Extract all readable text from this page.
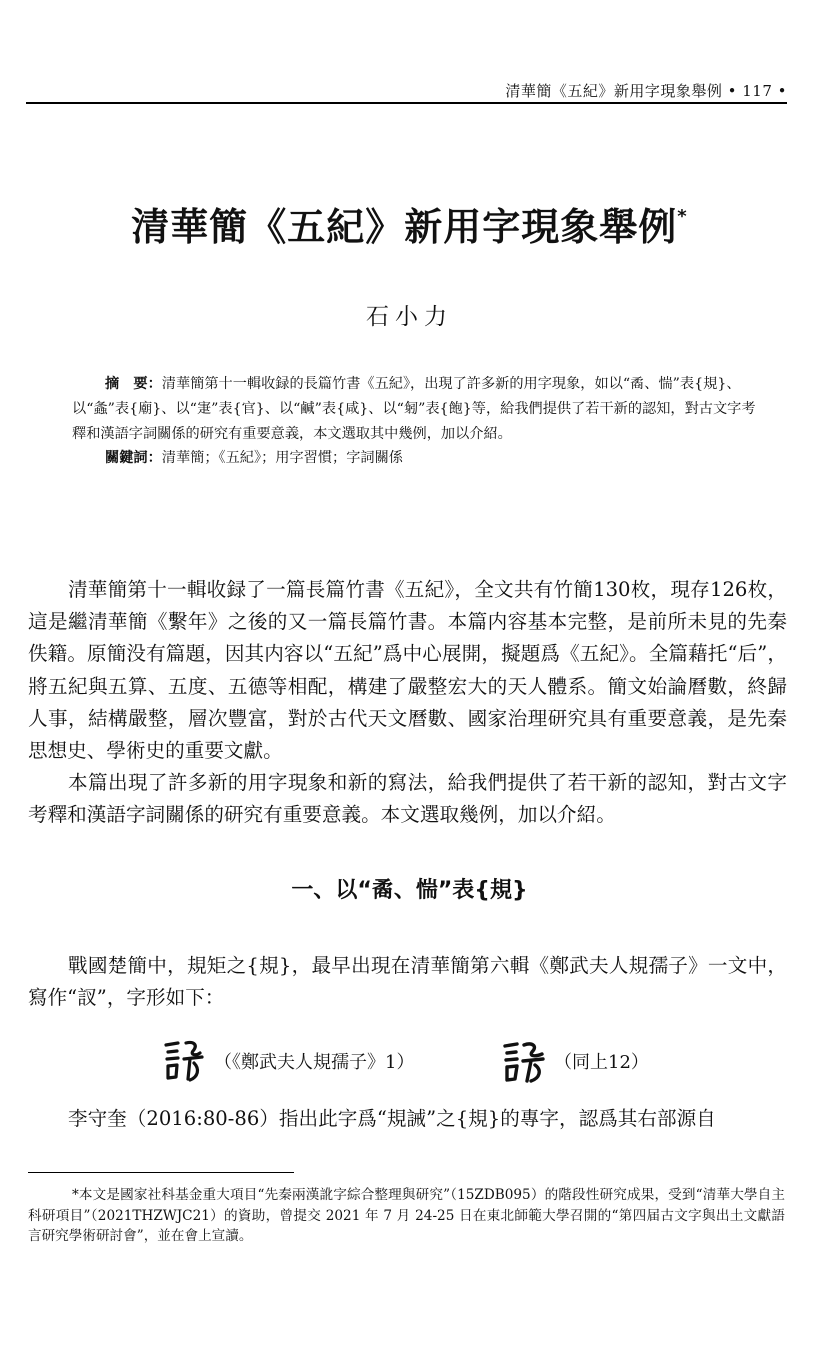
清華簡《五紀》新用字現象舉例 • 117 •
清華簡《五紀》新用字現象舉例*
石小力

摘　要：清華簡第十一輯收録的長篇竹書《五紀》，出現了許多新的用字現象，如以“矞、惴”表{規}、以“螽”表{廟}、以“寁”表{官}、以“鹹”表{咸}、以“匑”表{飽}等，給我們提供了若干新的認知，對古文字考釋和漢語字詞關係的研究有重要意義，本文選取其中幾例，加以介紹。

關鍵詞：清華簡；《五紀》；用字習慣；字詞關係

清華簡第十一輯收録了一篇長篇竹書《五紀》，全文共有竹簡130枚，現存126枚，這是繼清華簡《繫年》之後的又一篇長篇竹書。本篇内容基本完整，是前所未見的先秦佚籍。原簡没有篇題，因其内容以“五紀”爲中心展開，擬題爲《五紀》。全篇藉托“后”，將五紀與五算、五度、五德等相配，構建了嚴整宏大的天人體系。簡文始論曆數，終歸人事，結構嚴整，層次豐富，對於古代天文曆數、國家治理研究具有重要意義，是先秦思想史、學術史的重要文獻。

本篇出現了許多新的用字現象和新的寫法，給我們提供了若干新的認知，對古文字考釋和漢語字詞關係的研究有重要意義。本文選取幾例，加以介紹。

一、以“矞、惴”表{規}

戰國楚簡中，規矩之{規}，最早出現在清華簡第六輯《鄭武夫人規孺子》一文中，寫作“訍”，字形如下：

（《鄭武夫人規孺子》1）	（同上12）

李守奎（2016:80-86）指出此字爲“規誡”之{規}的專字，認爲其右部源自

*本文是國家社科基金重大項目“先秦兩漢訛字綜合整理與研究”（15ZDB095）的階段性研究成果，受到“清華大學自主科研項目”（2021THZWJC21）的資助，曾提交 2021 年 7 月 24-25 日在東北師範大學召開的“第四届古文字與出土文獻語言研究學術研討會”，並在會上宣讀。
